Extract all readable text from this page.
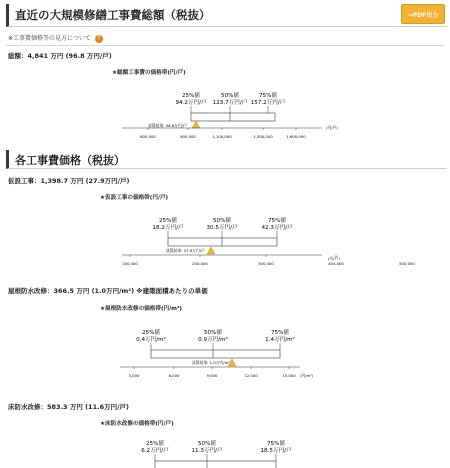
直近の大規模修繕工事費総額（税抜）	⇒PDF出力
※工事費価格等の見方について ?
総額：4,841 万円 (96.8 万円/戸)
★総額工事費の価格帯(円/戸)
25%値
94.2万円/戸
50%値
123.7万円/戸
75%値
157.2万円/戸
試算結果: 96.8万円/戸
600,000	900,000	1,100,000	1,300,000	1,600,000
(円/戸)
各工事費価格（税抜）
仮設工事：1,398.7 万円 (27.9万円/戸)
★仮設工事の価格帯(円/戸)
25%値
18.2万円/戸
50%値
30.5万円/戸
75%値
42.3万円/戸
試算結果: 27.9万円/戸
100,000	200,000	300,000	400,000	500,000
(円/戸)
屋根防水改修：366.5 万円 (1.0万円/m²) ※建築面積あたりの単価
★屋根防水改修の価格帯(円/m²)
25%値
0.4万円/m²
50%値
0.9万円/m²
75%値
1.4万円/m²
試算結果: 1.0万円/m²
3,000	6,000	9,000	12,000	15,000 (円/m²)
床防水改修：583.3 万円 (11.6万円/戸)
★床防水改修の価格帯(円/戸)
25%値
6.2万円/戸
50%値
11.3万円/戸
75%値
18.5万円/戸
